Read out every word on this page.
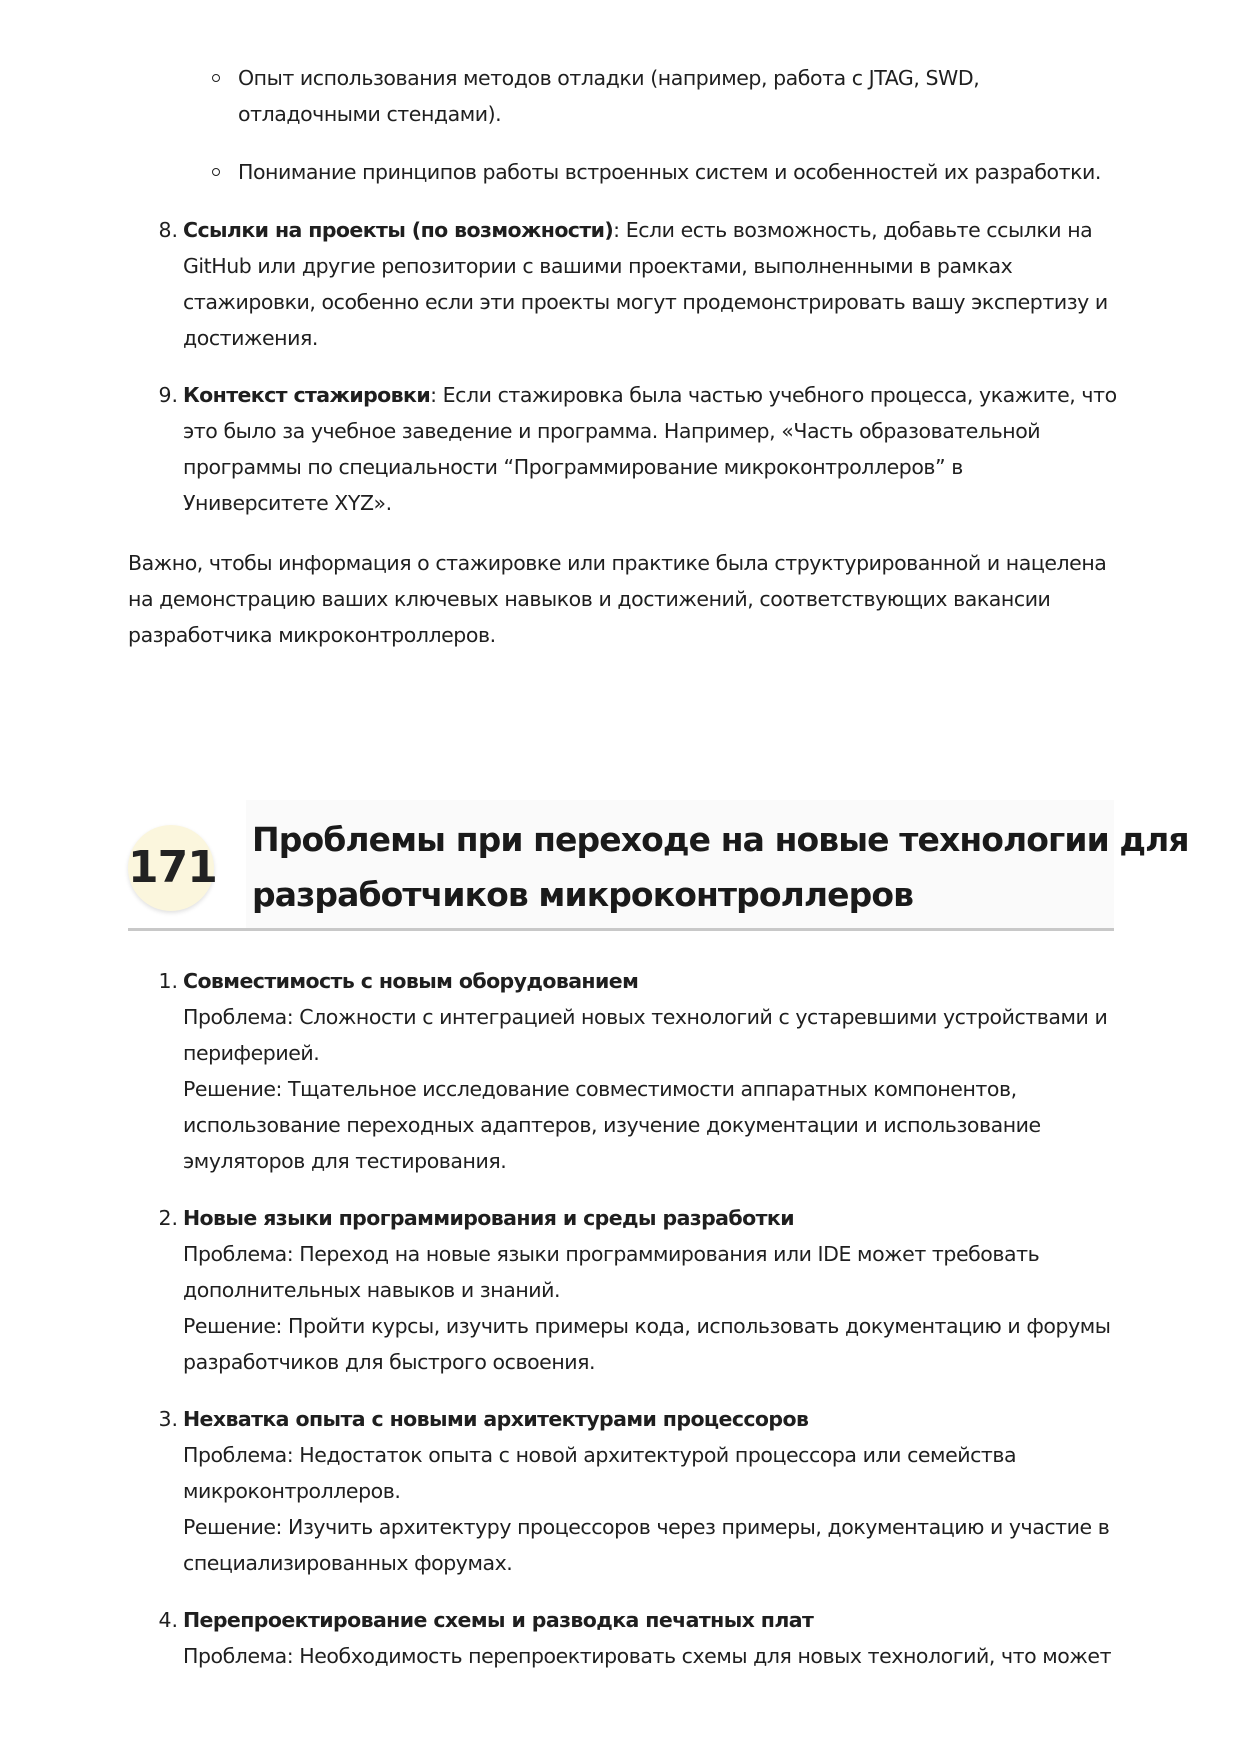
Опыт использования методов отладки (например, работа с JTAG, SWD,
отладочными стендами).
Понимание принципов работы встроенных систем и особенностей их разработки.
8. Ссылки на проекты (по возможности): Если есть возможность, добавьте ссылки на
GitHub или другие репозитории с вашими проектами, выполненными в рамках
стажировки, особенно если эти проекты могут продемонстрировать вашу экспертизу и
достижения.
9. Контекст стажировки: Если стажировка была частью учебного процесса, укажите, что
это было за учебное заведение и программа. Например, «Часть образовательной
программы по специальности “Программирование микроконтроллеров” в
Университете XYZ».
Важно, чтобы информация о стажировке или практике была структурированной и нацелена
на демонстрацию ваших ключевых навыков и достижений, соответствующих вакансии
разработчика микроконтроллеров.
171
Проблемы при переходе на новые технологии для
разработчиков микроконтроллеров
1. Совместимость с новым оборудованием
Проблема: Сложности с интеграцией новых технологий с устаревшими устройствами и
периферией.
Решение: Тщательное исследование совместимости аппаратных компонентов,
использование переходных адаптеров, изучение документации и использование
эмуляторов для тестирования.
2. Новые языки программирования и среды разработки
Проблема: Переход на новые языки программирования или IDE может требовать
дополнительных навыков и знаний.
Решение: Пройти курсы, изучить примеры кода, использовать документацию и форумы
разработчиков для быстрого освоения.
3. Нехватка опыта с новыми архитектурами процессоров
Проблема: Недостаток опыта с новой архитектурой процессора или семейства
микроконтроллеров.
Решение: Изучить архитектуру процессоров через примеры, документацию и участие в
специализированных форумах.
4. Перепроектирование схемы и разводка печатных плат
Проблема: Необходимость перепроектировать схемы для новых технологий, что может
